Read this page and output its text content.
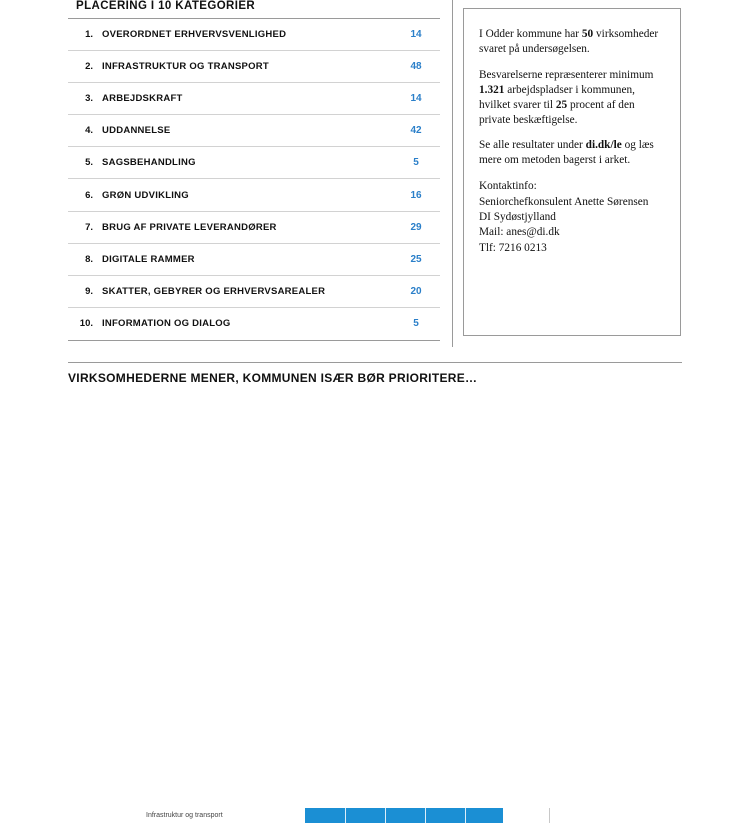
PLACERING I 10 KATEGORIER
1. OVERORDNET ERHVERVSVENLIGHED	14
2. INFRASTRUKTUR OG TRANSPORT	48
3. ARBEJDSKRAFT	14
4. UDDANNELSE	42
5. SAGSBEHANDLING	5
6. GRØN UDVIKLING	16
7. BRUG AF PRIVATE LEVERANDØRER	29
8. DIGITALE RAMMER	25
9. SKATTER, GEBYRER OG ERHVERVSAREALER	20
10. INFORMATION OG DIALOG	5

I Odder kommune har 50 virksomheder svaret på undersøgelsen.

Besvarelserne repræsenterer minimum 1.321 arbejdspladser i kommunen, hvilket svarer til 25 procent af den private beskæftigelse.

Se alle resultater under di.dk/le og læs mere om metoden bagerst i arket.

Kontaktinfo:
Seniorchefkonsulent Anette Sørensen
DI Sydøstjylland
Mail: anes@di.dk
Tlf: 7216 0213

VIRKSOMHEDERNE MENER, KOMMUNEN ISÆR BØR PRIORITERE…
Infrastruktur og transport
